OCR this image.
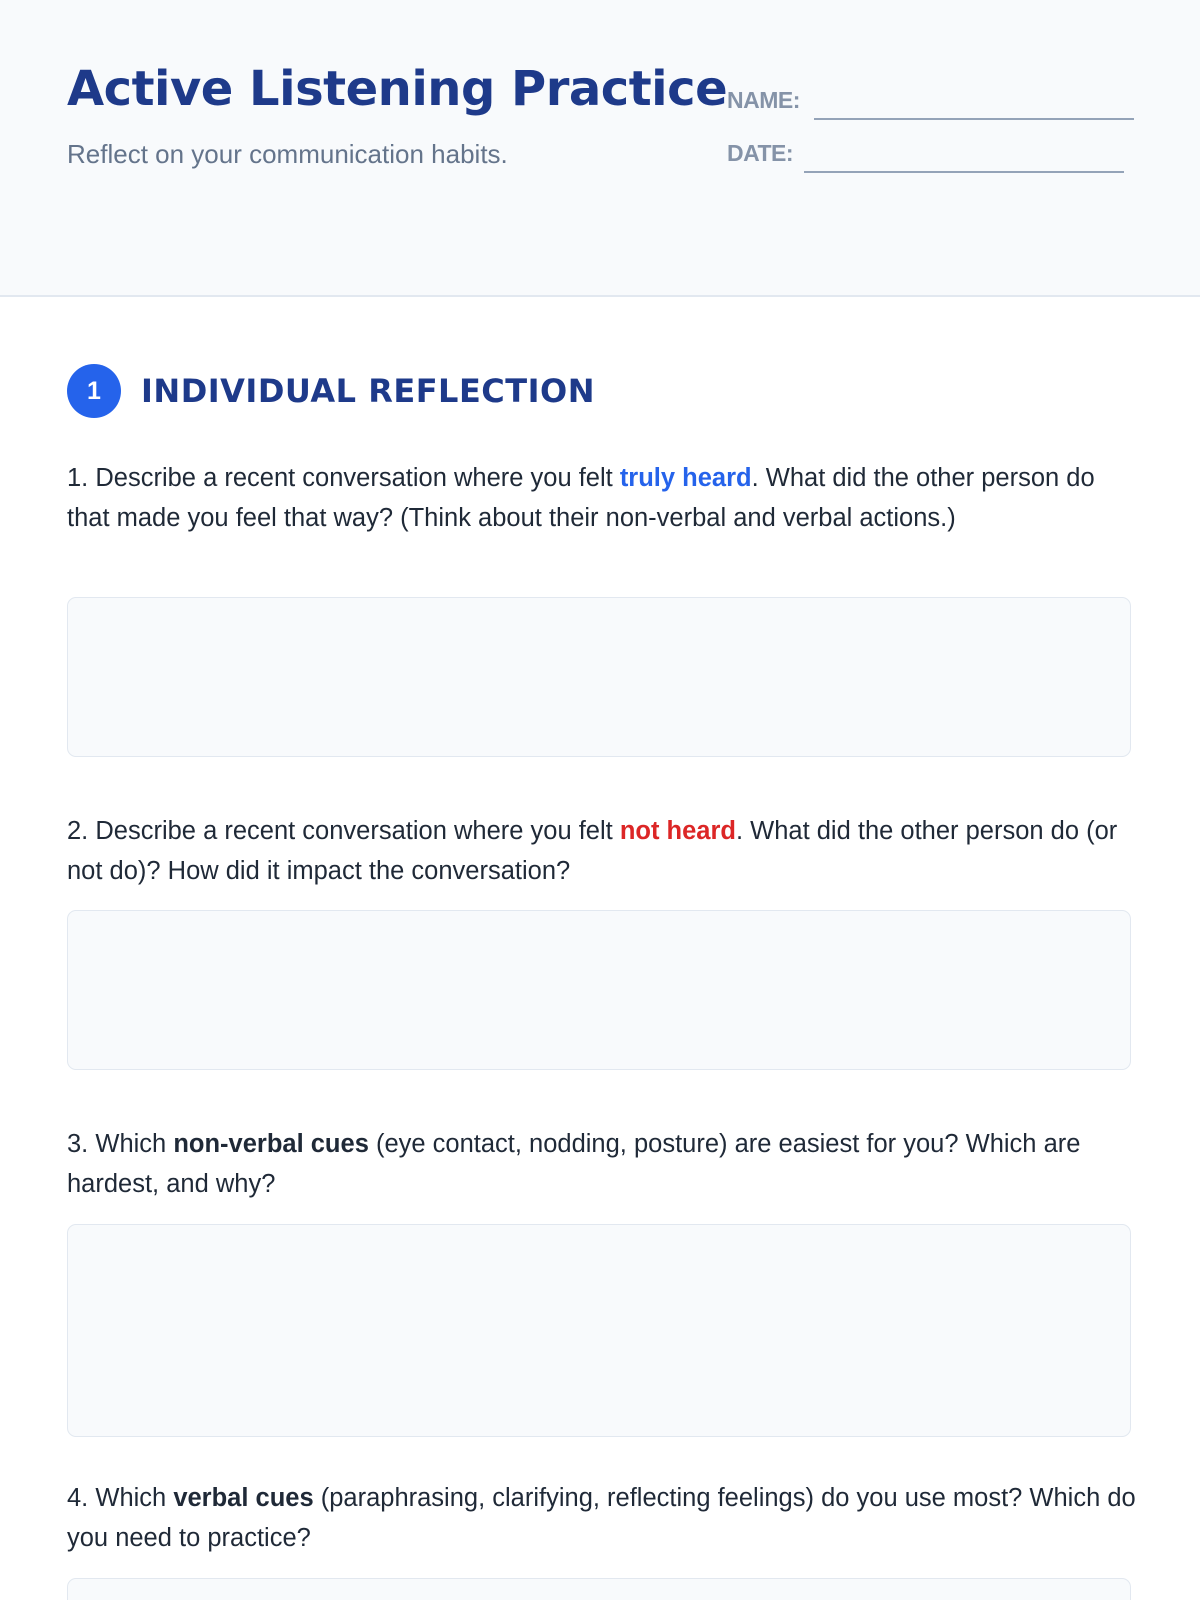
Active Listening Practice

Reflect on your communication habits.

NAME:
DATE:
1	INDIVIDUAL REFLECTION

1. Describe a recent conversation where you felt truly heard. What did the other person do that made you feel that way? (Think about their non-verbal and verbal actions.)

2. Describe a recent conversation where you felt not heard. What did the other person do (or not do)? How did it impact the conversation?

3. Which non-verbal cues (eye contact, nodding, posture) are easiest for you? Which are hardest, and why?

4. Which verbal cues (paraphrasing, clarifying, reflecting feelings) do you use most? Which do you need to practice?
